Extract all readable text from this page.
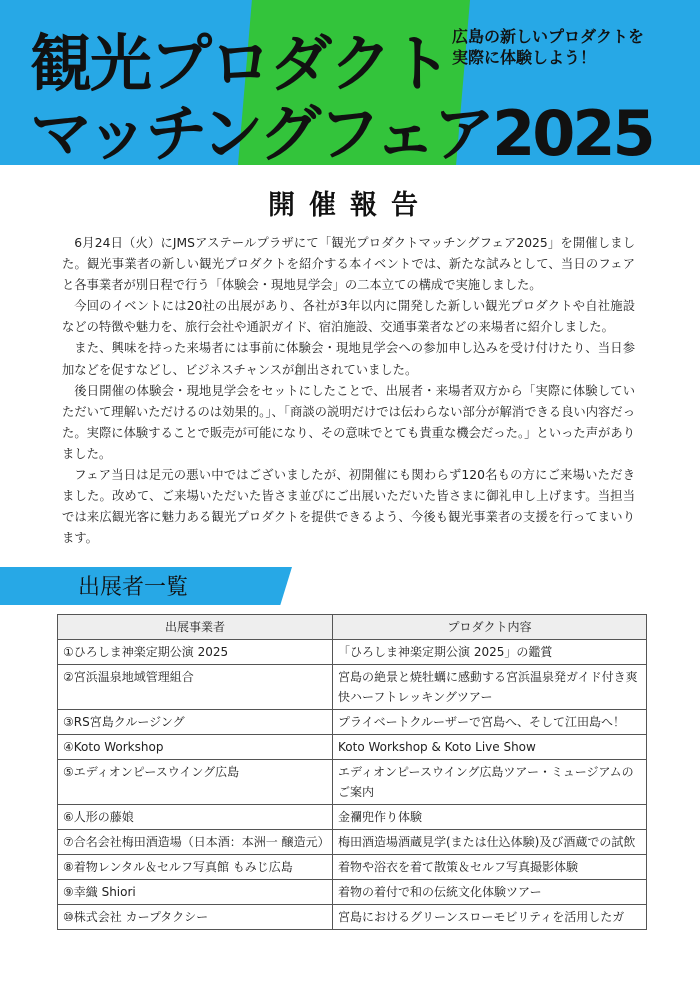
観光プロダクト
マッチングフェア2025
広島の新しいプロダクトを
実際に体験しよう！
開催報告

6月24日（火）にJMSアステールプラザにて「観光プロダクトマッチングフェア2025」を開催しました。観光事業者の新しい観光プロダクトを紹介する本イベントでは、新たな試みとして、当日のフェアと各事業者が別日程で行う「体験会・現地見学会」の二本立ての構成で実施しました。

今回のイベントには20社の出展があり、各社が3年以内に開発した新しい観光プロダクトや自社施設などの特徴や魅力を、旅行会社や通訳ガイド、宿泊施設、交通事業者などの来場者に紹介しました。

また、興味を持った来場者には事前に体験会・現地見学会への参加申し込みを受け付けたり、当日参加などを促すなどし、ビジネスチャンスが創出されていました。

後日開催の体験会・現地見学会をセットにしたことで、出展者・来場者双方から「実際に体験していただいて理解いただけるのは効果的。」、「商談の説明だけでは伝わらない部分が解消できる良い内容だった。実際に体験することで販売が可能になり、その意味でとても貴重な機会だった。」といった声がありました。

フェア当日は足元の悪い中ではございましたが、初開催にも関わらず120名もの方にご来場いただきました。改めて、ご来場いただいた皆さま並びにご出展いただいた皆さまに御礼申し上げます。当担当では来広観光客に魅力ある観光プロダクトを提供できるよう、今後も観光事業者の支援を行ってまいります。

出展者一覧
出展事業者	プロダクト内容
①ひろしま神楽定期公演 2025	「ひろしま神楽定期公演 2025」の鑑賞
②宮浜温泉地域管理組合	宮島の絶景と焼牡蠣に感動する宮浜温泉発ガイド付き爽快ハーフトレッキングツアー
③RS宮島クルージング	プライベートクルーザーで宮島へ、そして江田島へ！
④Koto Workshop	Koto Workshop & Koto Live Show
⑤エディオンピースウイング広島	エディオンピースウイング広島ツアー・ミュージアムのご案内
⑥人形の藤娘	金襴兜作り体験
⑦合名会社梅田酒造場（日本酒：本洲一 醸造元）	梅田酒造場酒蔵見学(または仕込体験)及び酒蔵での試飲
⑧着物レンタル＆セルフ写真館 もみじ広島	着物や浴衣を着て散策＆セルフ写真撮影体験
⑨幸織 Shiori	着物の着付で和の伝統文化体験ツアー
⑩株式会社 カープタクシー	宮島におけるグリーンスローモビリティを活用したガ
